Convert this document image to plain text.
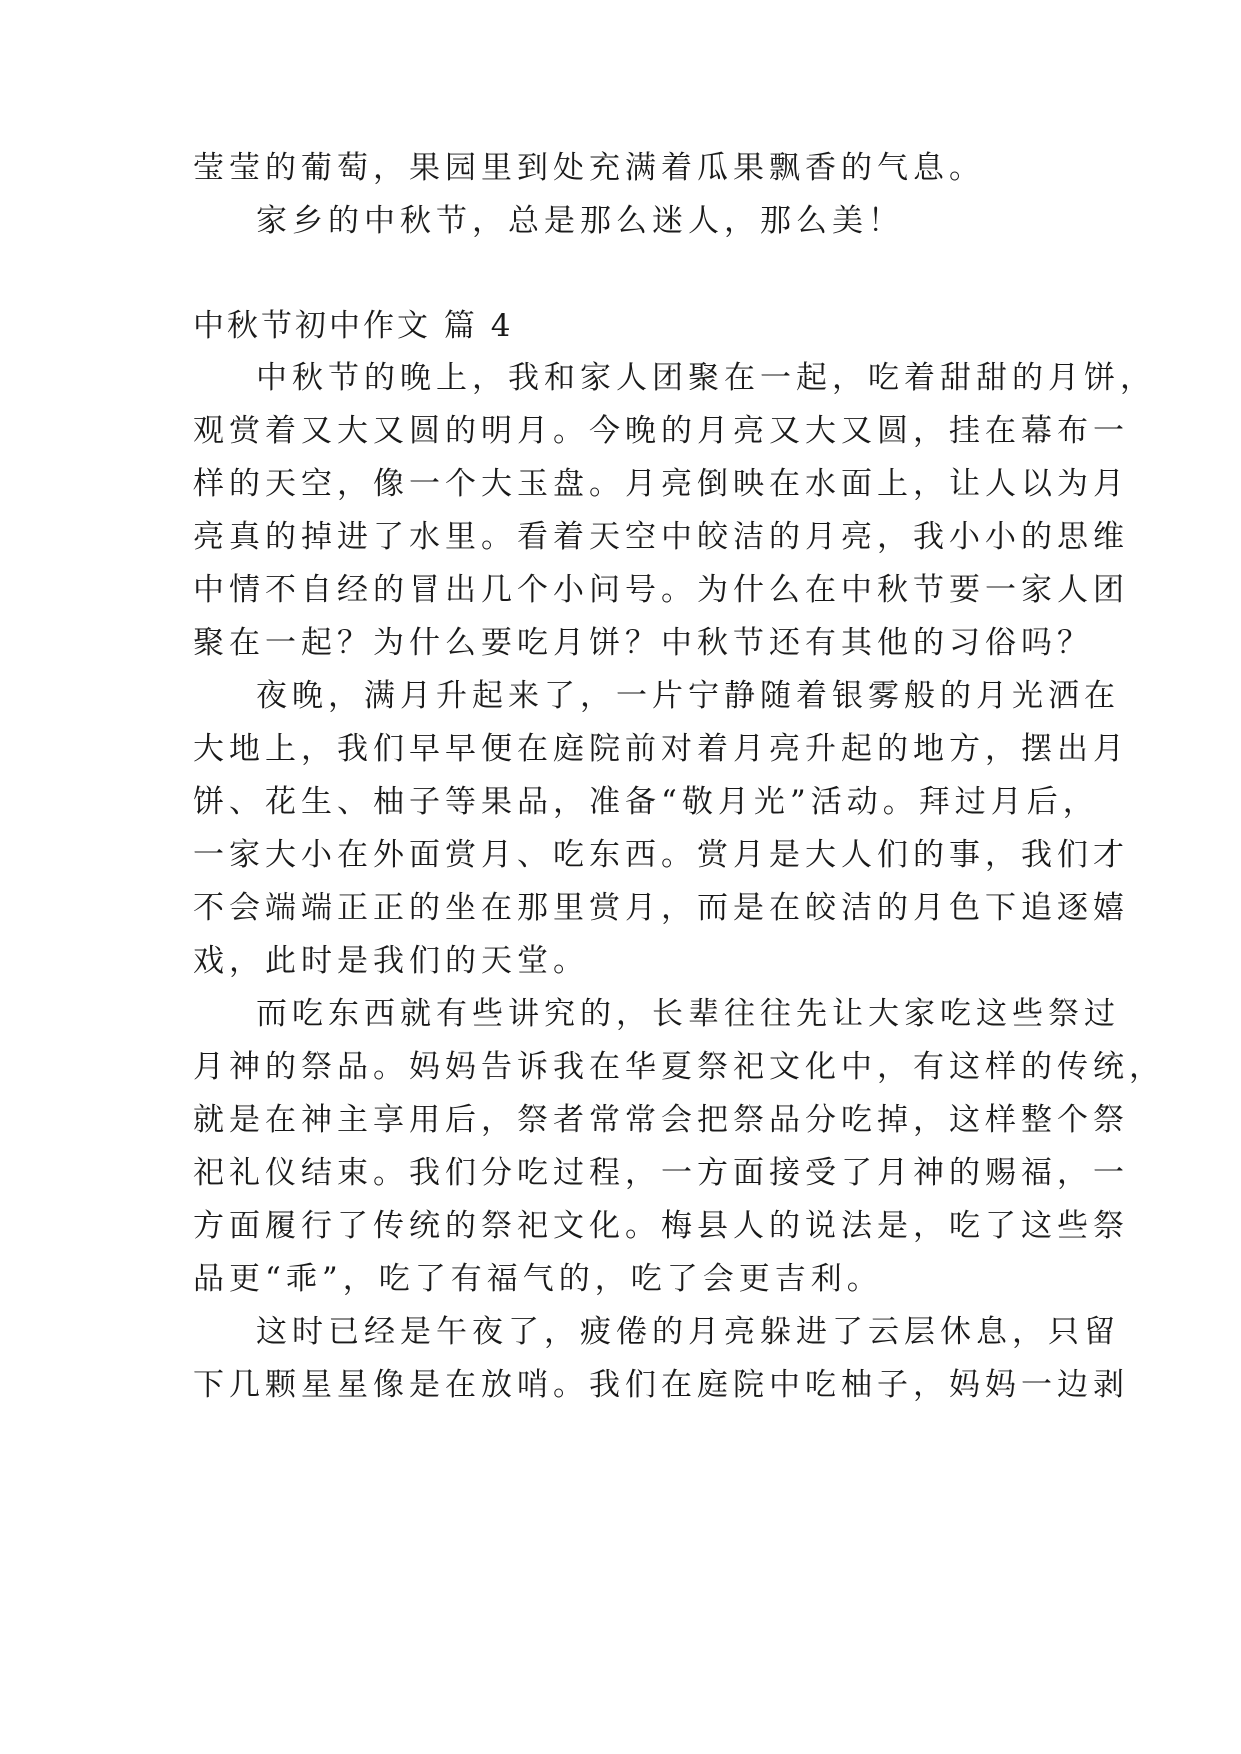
莹莹的葡萄，果园里到处充满着瓜果飘香的气息。
家乡的中秋节，总是那么迷人，那么美！
中秋节初中作文 篇 4
中秋节的晚上，我和家人团聚在一起，吃着甜甜的月饼，
观赏着又大又圆的明月。今晚的月亮又大又圆，挂在幕布一
样的天空，像一个大玉盘。月亮倒映在水面上，让人以为月
亮真的掉进了水里。看着天空中皎洁的月亮，我小小的思维
中情不自经的冒出几个小问号。为什么在中秋节要一家人团
聚在一起？为什么要吃月饼？中秋节还有其他的习俗吗？
夜晚，满月升起来了，一片宁静随着银雾般的月光洒在
大地上，我们早早便在庭院前对着月亮升起的地方，摆出月
饼、花生、柚子等果品，准备“敬月光”活动。拜过月后，
一家大小在外面赏月、吃东西。赏月是大人们的事，我们才
不会端端正正的坐在那里赏月，而是在皎洁的月色下追逐嬉
戏，此时是我们的天堂。
而吃东西就有些讲究的，长辈往往先让大家吃这些祭过
月神的祭品。妈妈告诉我在华夏祭祀文化中，有这样的传统，
就是在神主享用后，祭者常常会把祭品分吃掉，这样整个祭
祀礼仪结束。我们分吃过程，一方面接受了月神的赐福，一
方面履行了传统的祭祀文化。梅县人的说法是，吃了这些祭
品更“乖”，吃了有福气的，吃了会更吉利。
这时已经是午夜了，疲倦的月亮躲进了云层休息，只留
下几颗星星像是在放哨。我们在庭院中吃柚子，妈妈一边剥
